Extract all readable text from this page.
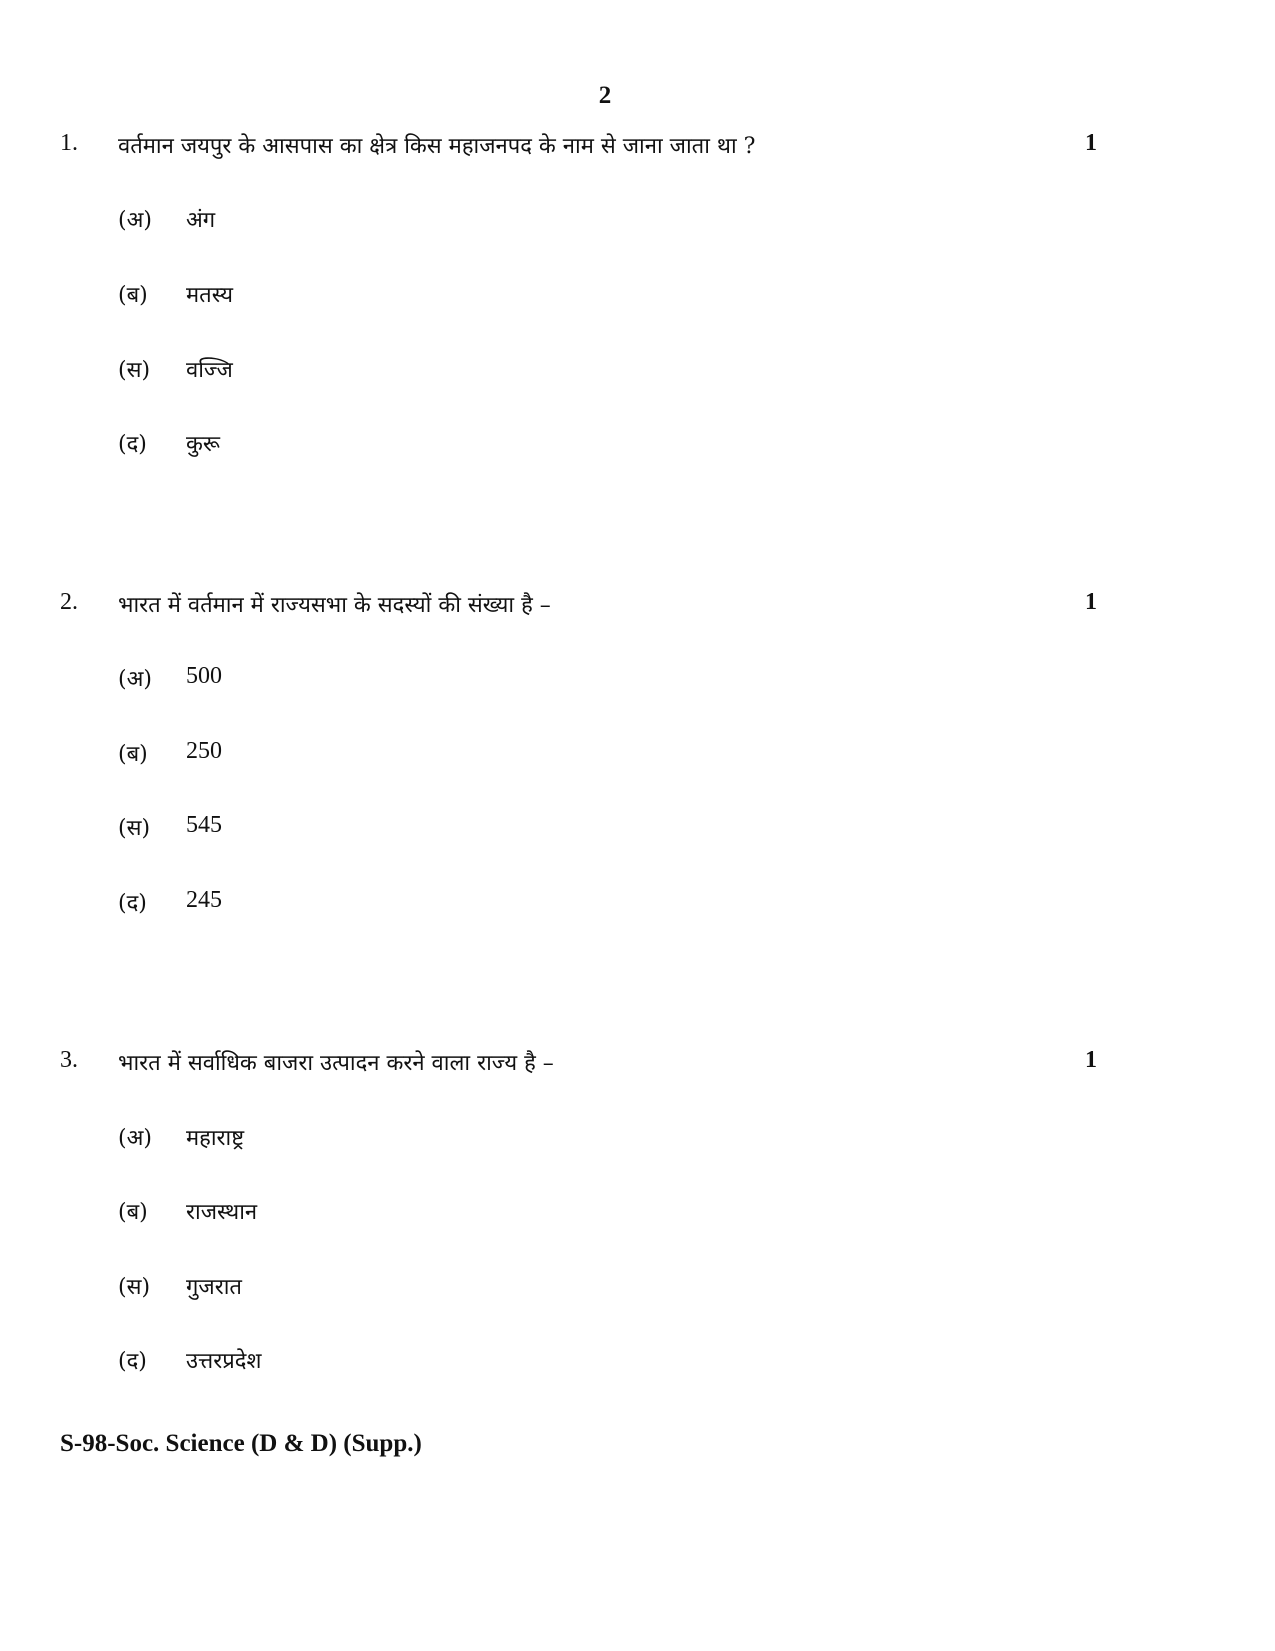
2
1. वर्तमान जयपुर के आसपास का क्षेत्र किस महाजनपद के नाम से जाना जाता था ?	1
(अ) अंग
(ब) मतस्य
(स) वज्जि
(द) कुरू
2. भारत में वर्तमान में राज्यसभा के सदस्यों की संख्या है –	1
(अ) 500
(ब) 250
(स) 545
(द) 245
3. भारत में सर्वाधिक बाजरा उत्पादन करने वाला राज्य है –	1
(अ) महाराष्ट्र
(ब) राजस्थान
(स) गुजरात
(द) उत्तरप्रदेश
S-98-Soc. Science (D & D) (Supp.)
